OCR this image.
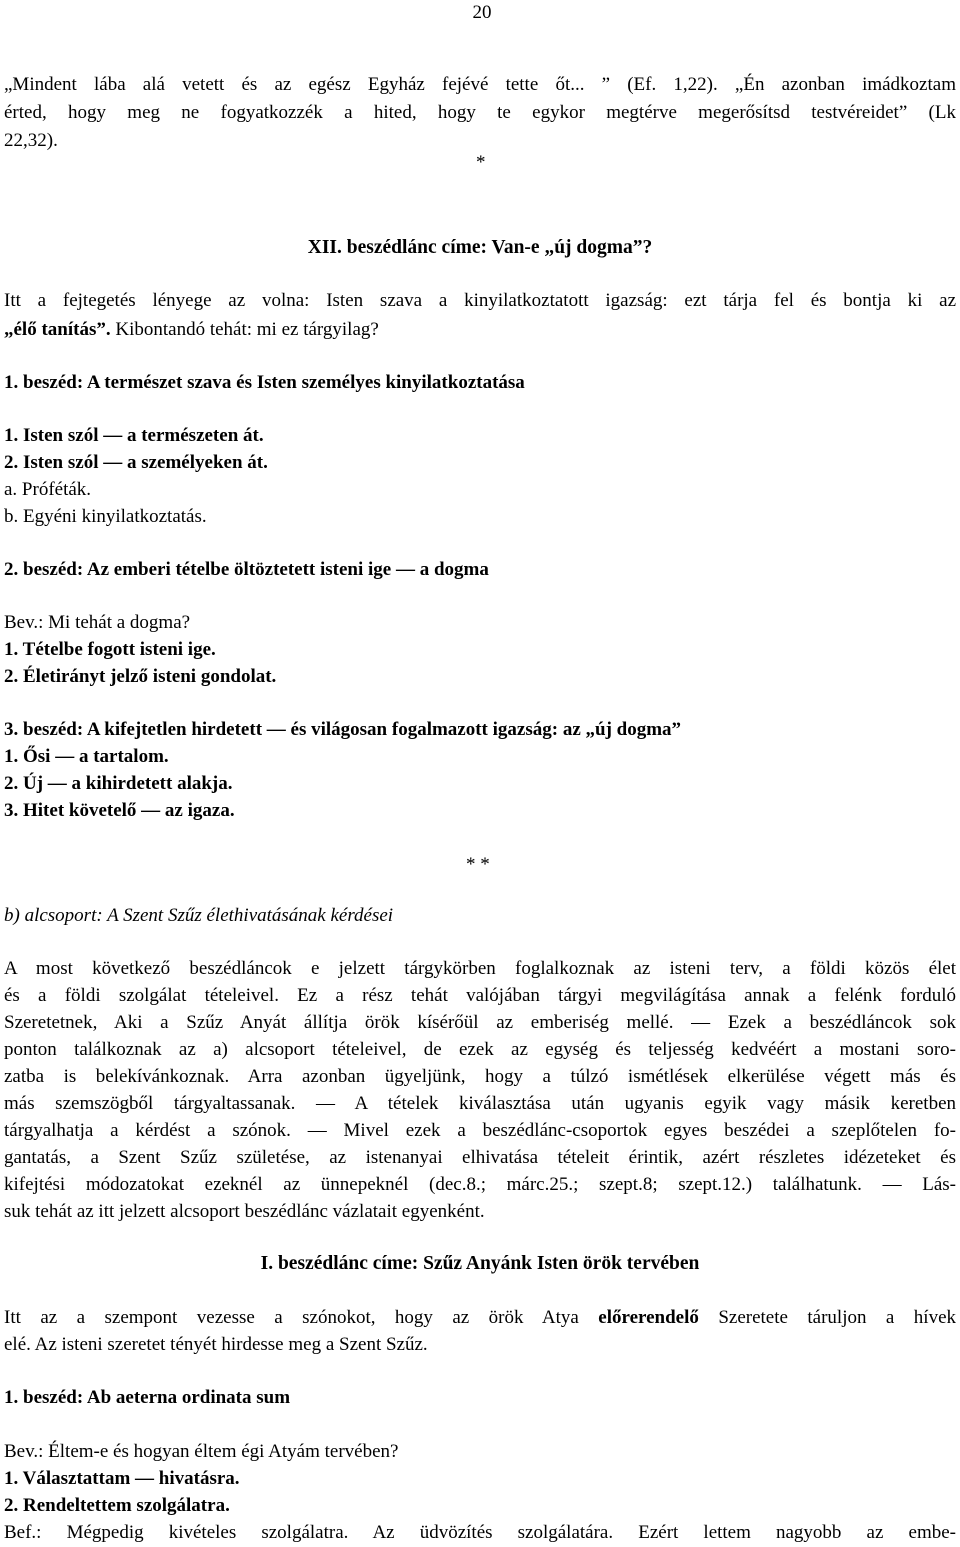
20
„Mindent lába alá vetett és az egész Egyház fejévé tette őt... ” (Ef. 1,22). „Én azonban imádkoztam
érted, hogy meg ne fogyatkozzék a hited, hogy te egykor megtérve megerősítsd testvéreidet” (Lk
22,32).
*
XII. beszédlánc címe: Van-e „új dogma”?
Itt a fejtegetés lényege az volna: Isten szava a kinyilatkoztatott igazság: ezt tárja fel és bontja ki az
„élő tanítás”. Kibontandó tehát: mi ez tárgyilag?
1. beszéd: A természet szava és Isten személyes kinyilatkoztatása
1. Isten szól — a természeten át.
2. Isten szól — a személyeken át.
a. Próféták.
b. Egyéni kinyilatkoztatás.
2. beszéd: Az emberi tételbe öltöztetett isteni ige — a dogma
Bev.: Mi tehát a dogma?
1. Tételbe fogott isteni ige.
2. Életirányt jelző isteni gondolat.
3. beszéd: A kifejtetlen hirdetett — és világosan fogalmazott igazság: az „új dogma”
1. Ősi — a tartalom.
2. Új — a kihirdetett alakja.
3. Hitet követelő — az igaza.
* *
b) alcsoport: A Szent Szűz élethivatásának kérdései
A most következő beszédláncok e jelzett tárgykörben foglalkoznak az isteni terv, a földi közös élet
és a földi szolgálat tételeivel. Ez a rész tehát valójában tárgyi megvilágítása annak a felénk forduló
Szeretetnek, Aki a Szűz Anyát állítja örök kísérőül az emberiség mellé. — Ezek a beszédláncok sok
ponton találkoznak az a) alcsoport tételeivel, de ezek az egység és teljesség kedvéért a mostani soro-
zatba is belekívánkoznak. Arra azonban ügyeljünk, hogy a túlzó ismétlések elkerülése végett más és
más szemszögből tárgyaltassanak. — A tételek kiválasztása után ugyanis egyik vagy másik keretben
tárgyalhatja a kérdést a szónok. — Mivel ezek a beszédlánc-csoportok egyes beszédei a szeplőtelen fo-
gantatás, a Szent Szűz születése, az istenanyai elhivatása tételeit érintik, azért részletes idézeteket és
kifejtési módozatokat ezeknél az ünnepeknél (dec.8.; márc.25.; szept.8; szept.12.) találhatunk. — Lás-
suk tehát az itt jelzett alcsoport beszédlánc vázlatait egyenként.
I. beszédlánc címe: Szűz Anyánk Isten örök tervében
Itt az a szempont vezesse a szónokot, hogy az örök Atya előrerendelő Szeretete táruljon a hívek
elé. Az isteni szeretet tényét hirdesse meg a Szent Szűz.
1. beszéd: Ab aeterna ordinata sum
Bev.: Éltem-e és hogyan éltem égi Atyám tervében?
1. Választattam — hivatásra.
2. Rendeltettem szolgálatra.
Bef.: Mégpedig kivételes szolgálatra. Az üdvözítés szolgálatára. Ezért lettem nagyobb az embe-
